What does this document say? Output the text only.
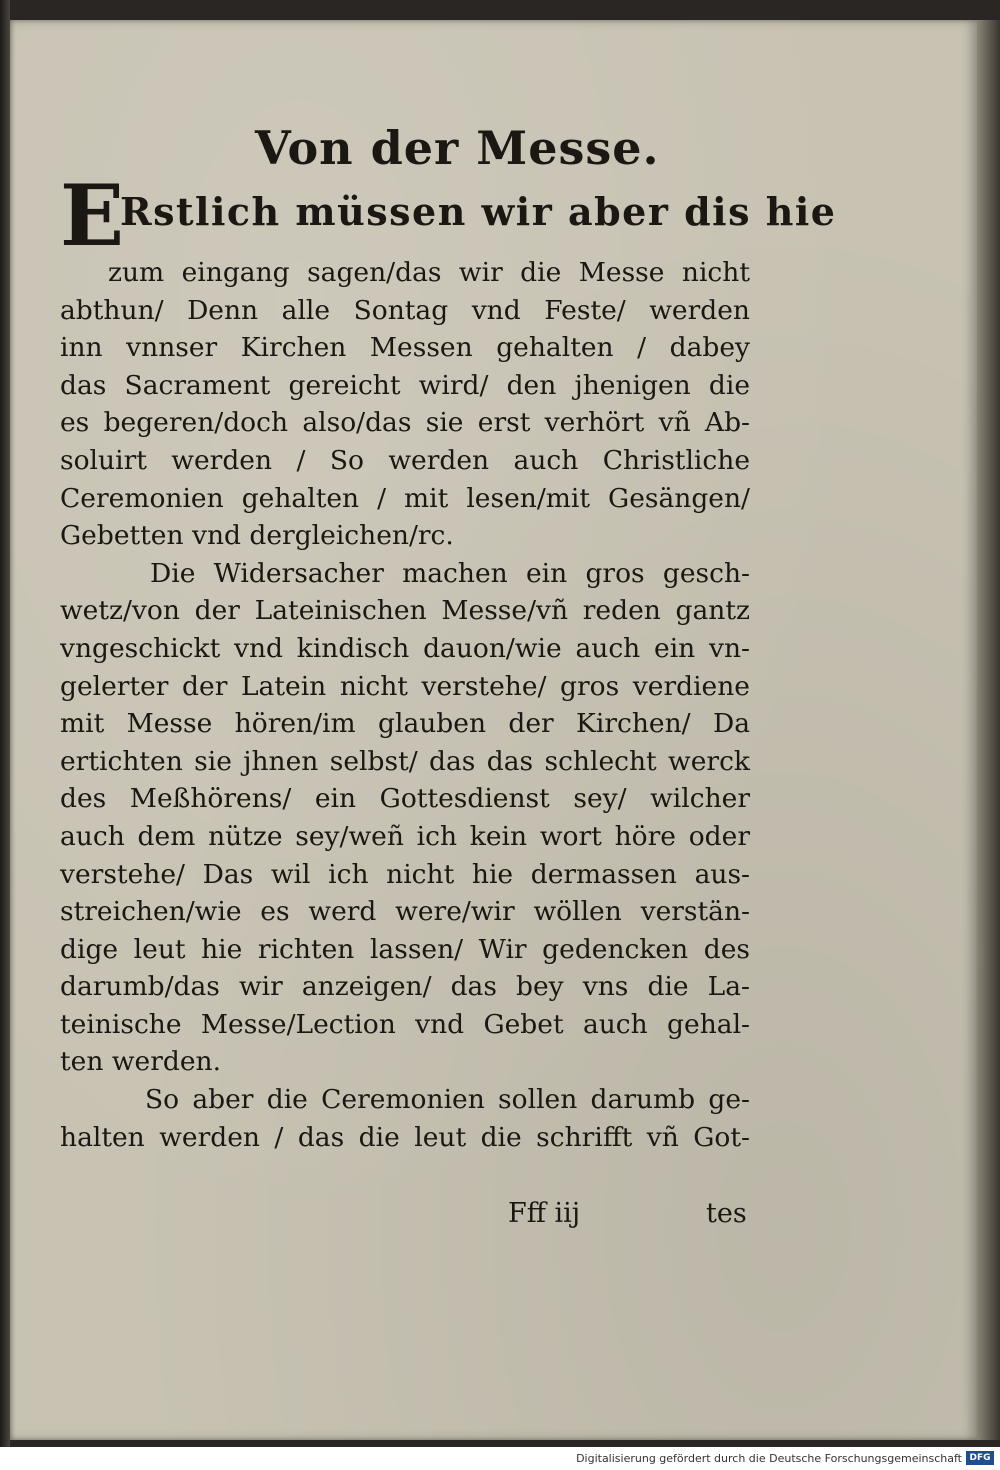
Von der Messe.
E
Rstlich müssen wir aber dis hie
zum eingang sagen/das wir die Messe nicht
abthun/ Denn alle Sontag vnd Feste/ werden
inn vnnser Kirchen Messen gehalten / dabey
das Sacrament gereicht wird/ den jhenigen die
es begeren/doch also/das sie erst verhört vñ Ab-
soluirt werden / So werden auch Christliche
Ceremonien gehalten / mit lesen/mit Gesängen/
Gebetten vnd dergleichen/rc.
Die Widersacher machen ein gros gesch-
wetz/von der Lateinischen Messe/vñ reden gantz
vngeschickt vnd kindisch dauon/wie auch ein vn-
gelerter der Latein nicht verstehe/ gros verdiene
mit Messe hören/im glauben der Kirchen/ Da
ertichten sie jhnen selbst/ das das schlecht werck
des Meßhörens/ ein Gottesdienst sey/ wilcher
auch dem nütze sey/weñ ich kein wort höre oder
verstehe/ Das wil ich nicht hie dermassen aus-
streichen/wie es werd were/wir wöllen verstän-
dige leut hie richten lassen/ Wir gedencken des
darumb/das wir anzeigen/ das bey vns die La-
teinische Messe/Lection vnd Gebet auch gehal-
ten werden.
So aber die Ceremonien sollen darumb ge-
halten werden / das die leut die schrifft vñ Got-
Fff iij	tes
Digitalisierung gefördert durch die Deutsche Forschungsgemeinschaft DFG
